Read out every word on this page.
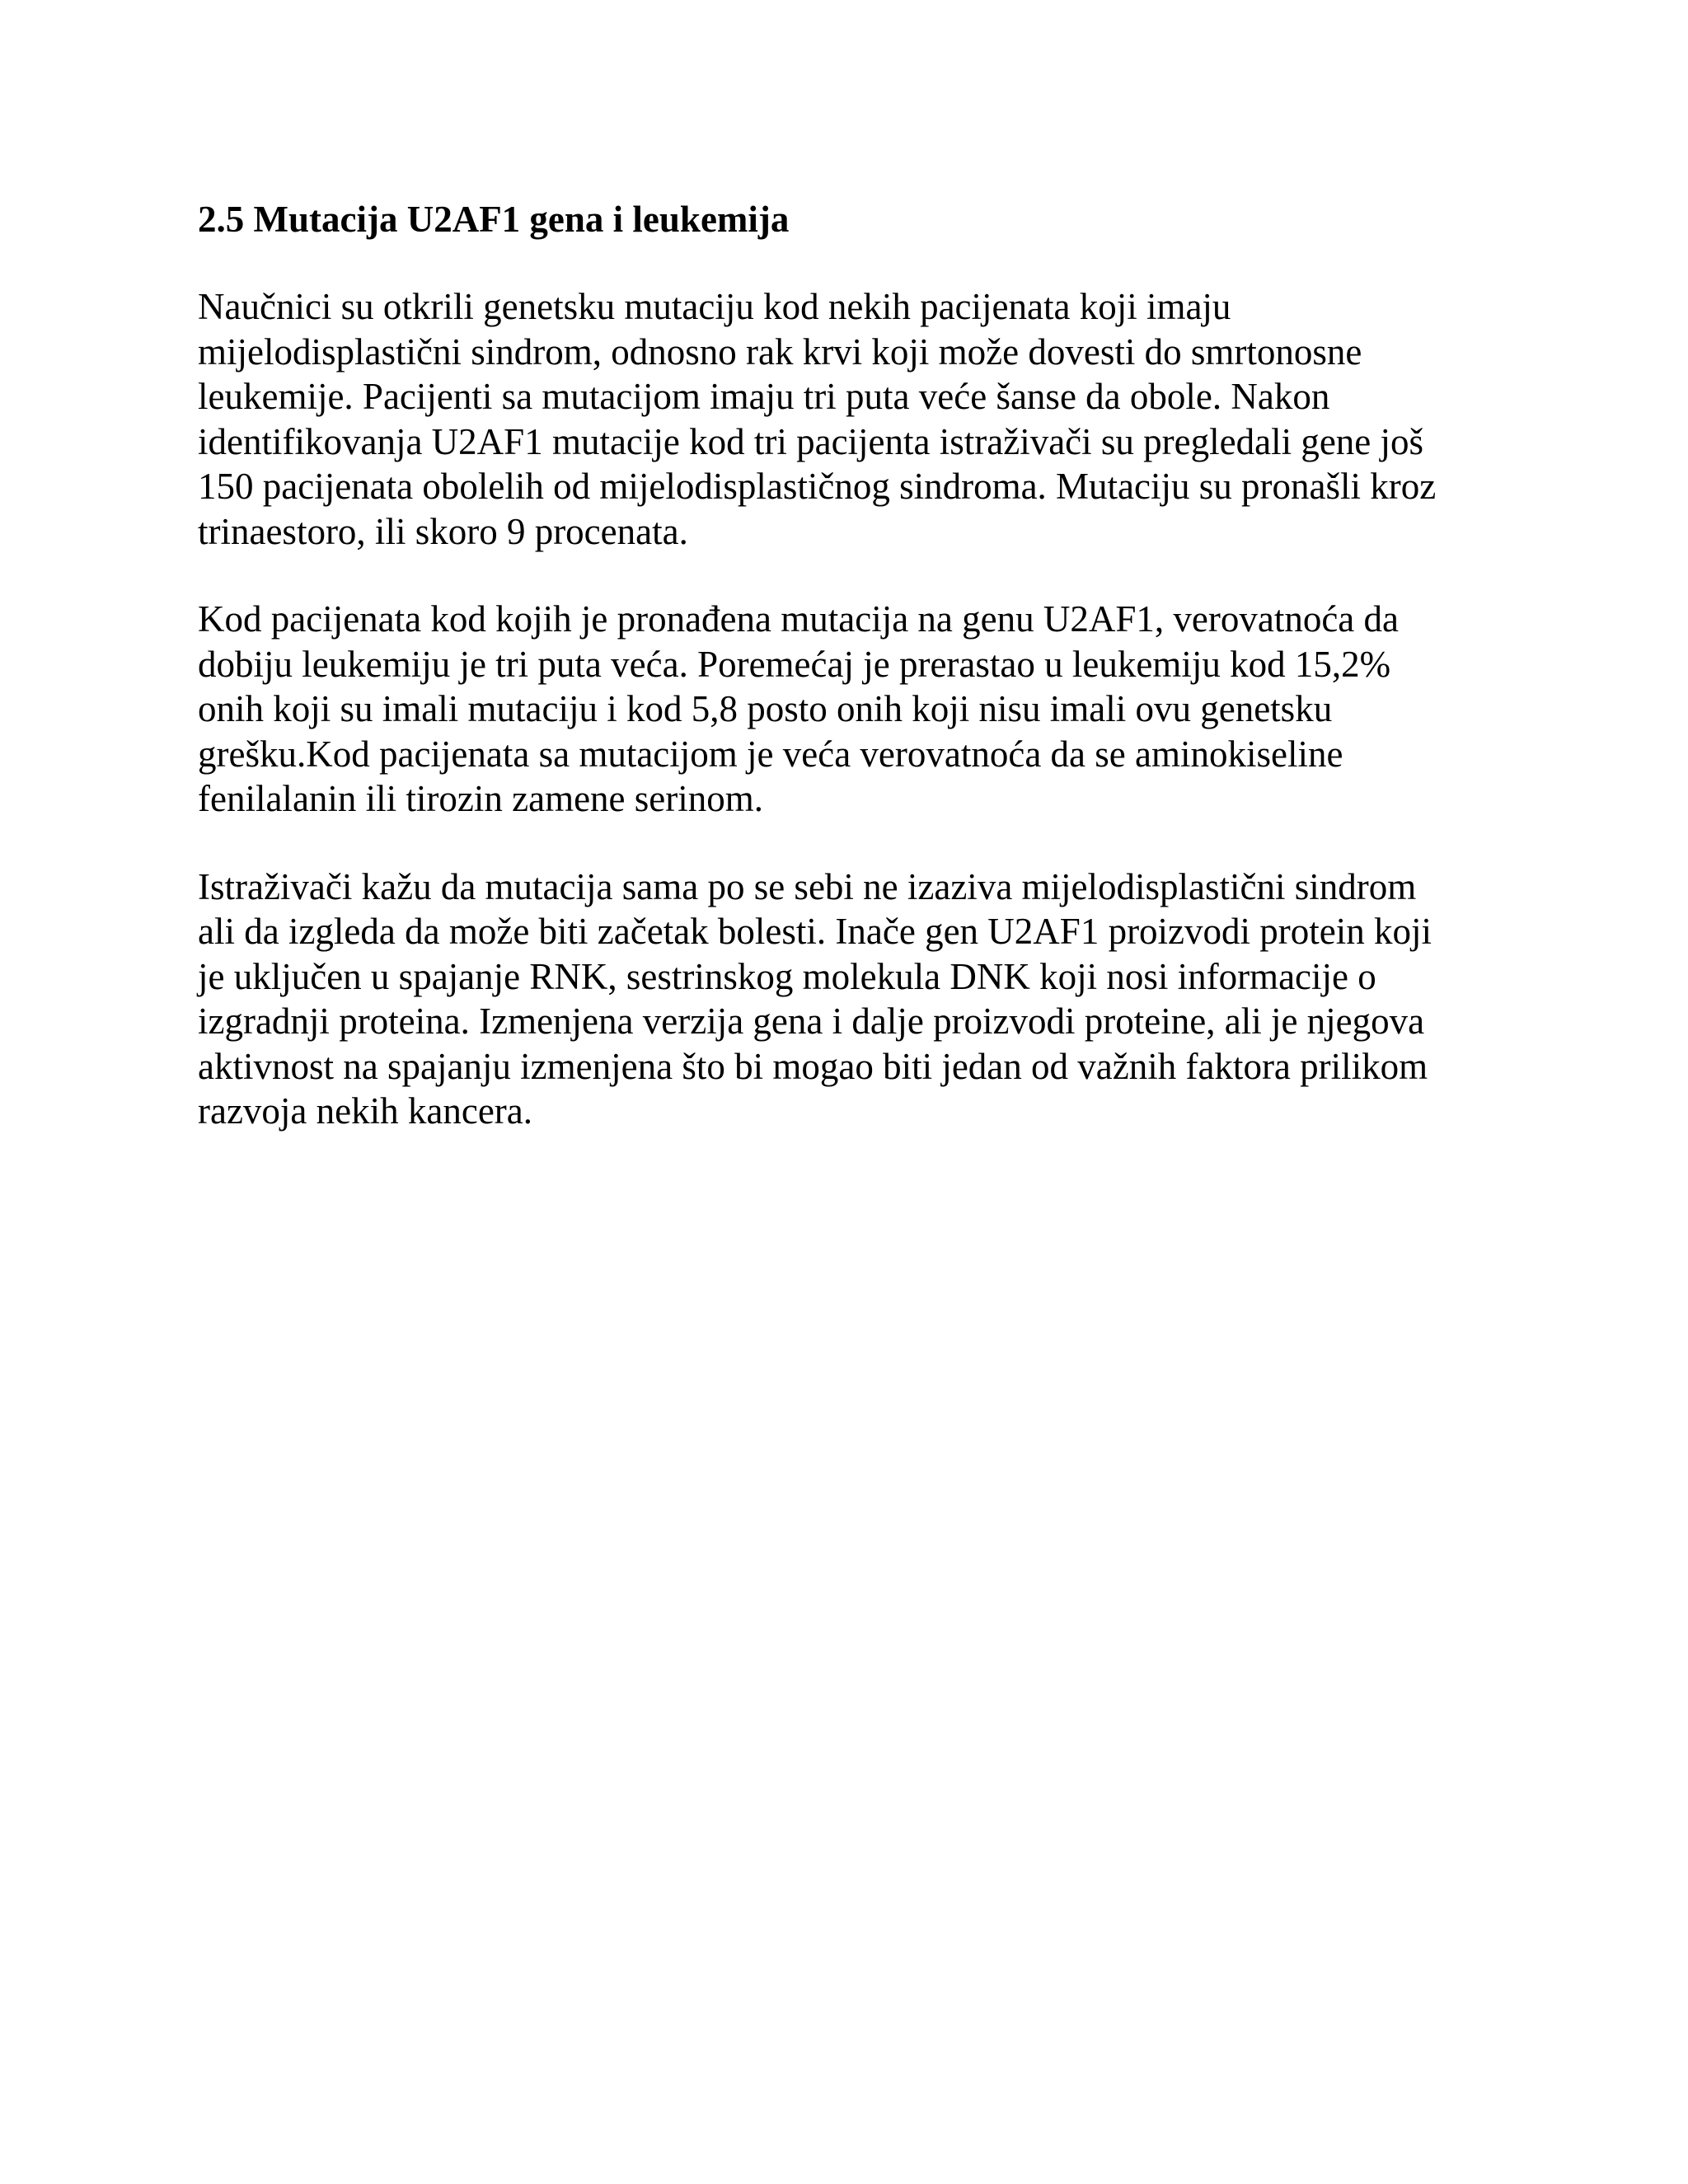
2.5 Mutacija U2AF1 gena i leukemija

Naučnici su otkrili genetsku mutaciju kod nekih pacijenata koji imaju
mijelodisplastični sindrom, odnosno rak krvi koji može dovesti do smrtonosne
leukemije. Pacijenti sa mutacijom imaju tri puta veće šanse da obole. Nakon
identifikovanja U2AF1 mutacije kod tri pacijenta istraživači su pregledali gene još
150 pacijenata obolelih od mijelodisplastičnog sindroma. Mutaciju su pronašli kroz
trinaestoro, ili skoro 9 procenata.

Kod pacijenata kod kojih je pronađena mutacija na genu U2AF1, verovatnoća da
dobiju leukemiju je tri puta veća. Poremećaj je prerastao u leukemiju kod 15,2%
onih koji su imali mutaciju i kod 5,8 posto onih koji nisu imali ovu genetsku
grešku.Kod pacijenata sa mutacijom je veća verovatnoća da se aminokiseline
fenilalanin ili tirozin zamene serinom.

Istraživači kažu da mutacija sama po se sebi ne izaziva mijelodisplastični sindrom
ali da izgleda da može biti začetak bolesti. Inače gen U2AF1 proizvodi protein koji
je uključen u spajanje RNK, sestrinskog molekula DNK koji nosi informacije o
izgradnji proteina. Izmenjena verzija gena i dalje proizvodi proteine, ali je njegova
aktivnost na spajanju izmenjena što bi mogao biti jedan od važnih faktora prilikom
razvoja nekih kancera.
